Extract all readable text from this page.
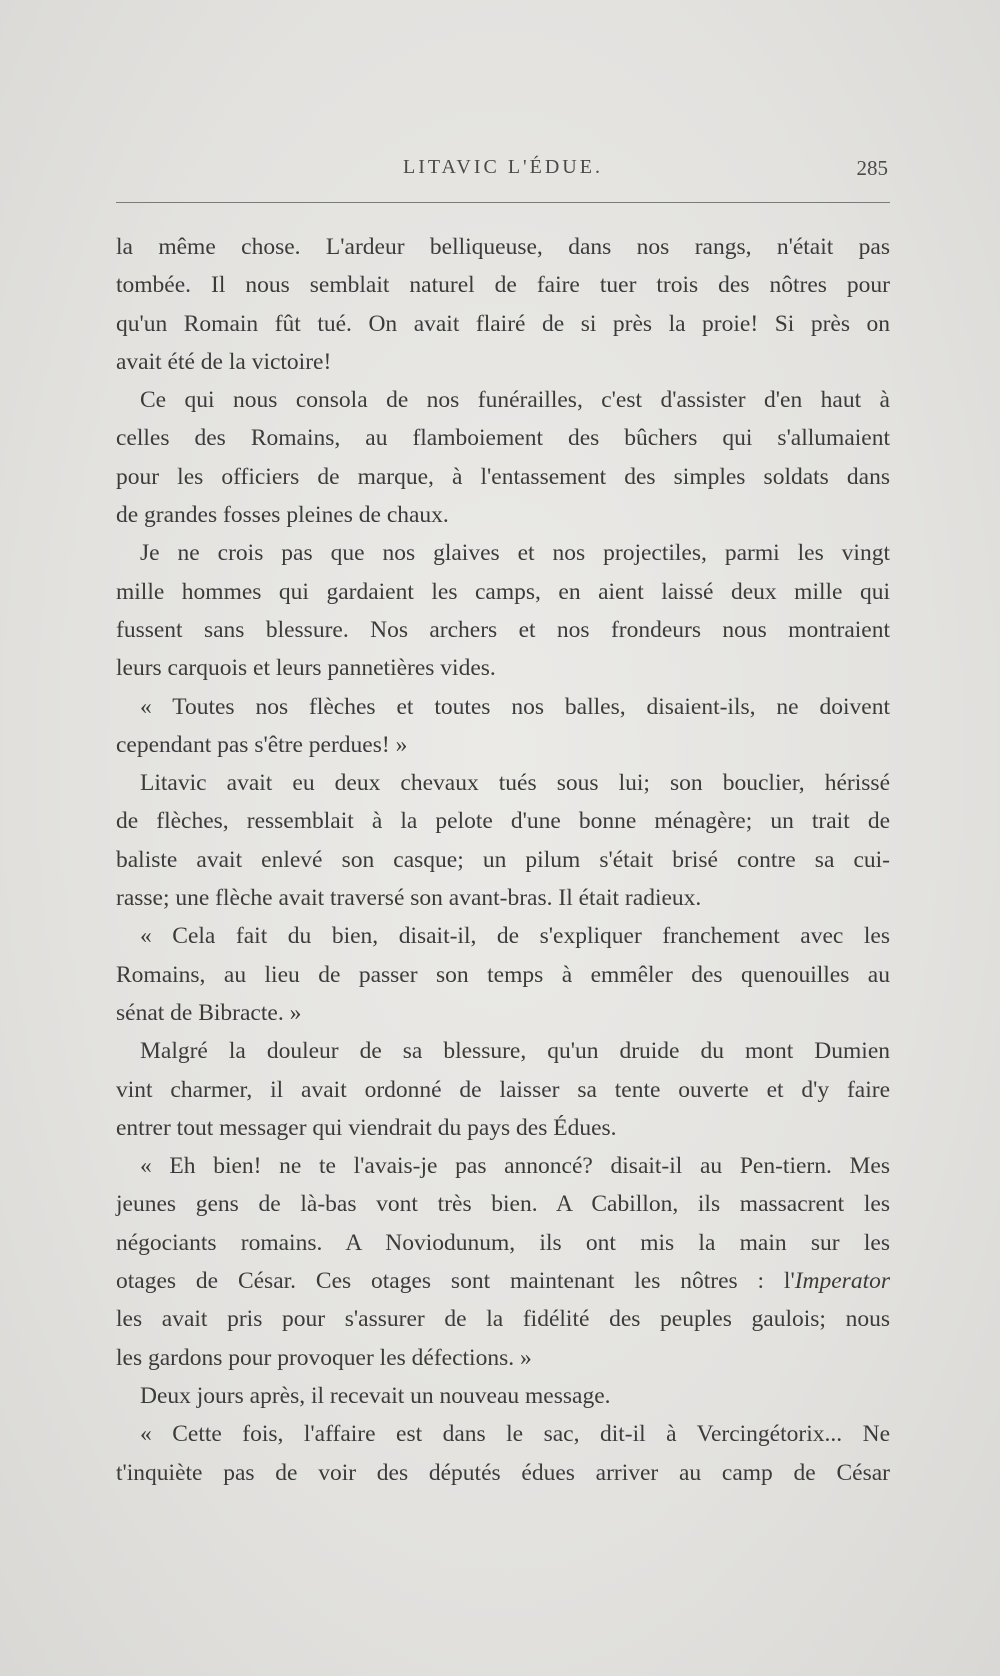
LITAVIC L'ÉDUE.	285
la même chose. L'ardeur belliqueuse, dans nos rangs, n'était pas
tombée. Il nous semblait naturel de faire tuer trois des nôtres pour
qu'un Romain fût tué. On avait flairé de si près la proie! Si près on
avait été de la victoire!
Ce qui nous consola de nos funérailles, c'est d'assister d'en haut à
celles des Romains, au flamboiement des bûchers qui s'allumaient
pour les officiers de marque, à l'entassement des simples soldats dans
de grandes fosses pleines de chaux.
Je ne crois pas que nos glaives et nos projectiles, parmi les vingt
mille hommes qui gardaient les camps, en aient laissé deux mille qui
fussent sans blessure. Nos archers et nos frondeurs nous montraient
leurs carquois et leurs pannetières vides.
« Toutes nos flèches et toutes nos balles, disaient-ils, ne doivent
cependant pas s'être perdues! »
Litavic avait eu deux chevaux tués sous lui; son bouclier, hérissé
de flèches, ressemblait à la pelote d'une bonne ménagère; un trait de
baliste avait enlevé son casque; un pilum s'était brisé contre sa cui-
rasse; une flèche avait traversé son avant-bras. Il était radieux.
« Cela fait du bien, disait-il, de s'expliquer franchement avec les
Romains, au lieu de passer son temps à emmêler des quenouilles au
sénat de Bibracte. »
Malgré la douleur de sa blessure, qu'un druide du mont Dumien
vint charmer, il avait ordonné de laisser sa tente ouverte et d'y faire
entrer tout messager qui viendrait du pays des Édues.
« Eh bien! ne te l'avais-je pas annoncé? disait-il au Pen-tiern. Mes
jeunes gens de là-bas vont très bien. A Cabillon, ils massacrent les
négociants romains. A Noviodunum, ils ont mis la main sur les
otages de César. Ces otages sont maintenant les nôtres : l'Imperator
les avait pris pour s'assurer de la fidélité des peuples gaulois; nous
les gardons pour provoquer les défections. »
Deux jours après, il recevait un nouveau message.
« Cette fois, l'affaire est dans le sac, dit-il à Vercingétorix... Ne
t'inquiète pas de voir des députés édues arriver au camp de César
